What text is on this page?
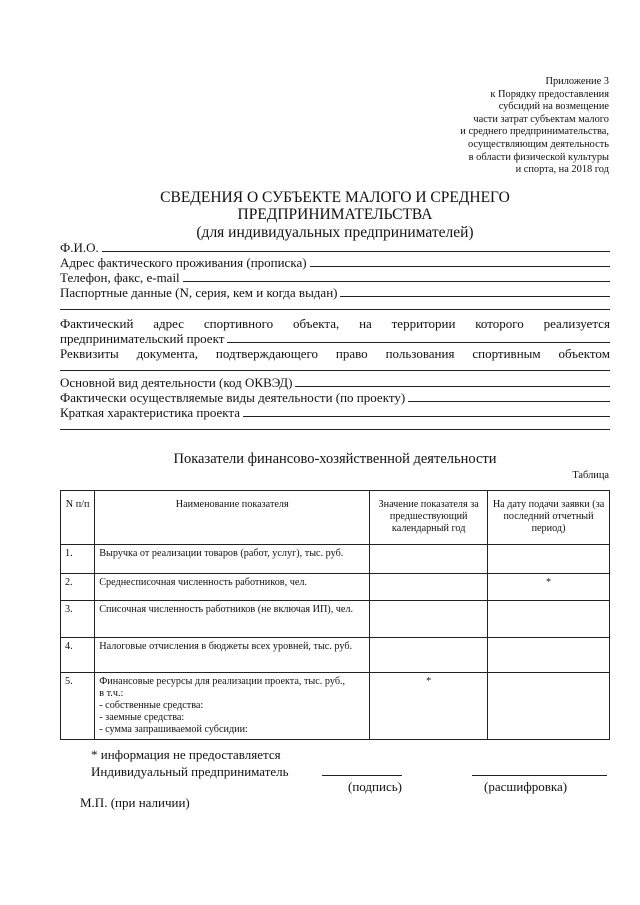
Приложение 3
к Порядку предоставления
субсидий на возмещение
части затрат субъектам малого
и среднего предпринимательства,
осуществляющим деятельность
в области физической культуры
и спорта, на 2018 год
СВЕДЕНИЯ О СУБЪЕКТЕ МАЛОГО И СРЕДНЕГО
ПРЕДПРИНИМАТЕЛЬСТВА
(для индивидуальных предпринимателей)
Ф.И.О.
Адрес фактического проживания (прописка)
Телефон, факс, e-mail
Паспортные данные (N, серия, кем и когда выдан)
Фактический адрес спортивного объекта, на территории которого реализуется
предпринимательский проект
Реквизиты документа, подтверждающего право пользования спортивным объектом
Основной вид деятельности (код ОКВЭД)
Фактически осуществляемые виды деятельности (по проекту)
Краткая характеристика проекта
Показатели финансово-хозяйственной деятельности
Таблица
N п/п	Наименование показателя	Значение показателя за предшествующий календарный год	На дату подачи заявки (за последний отчетный период)
1.	Выручка от реализации товаров (работ, услуг), тыс. руб.		
2.	Среднесписочная численность работников, чел.		*
3.	Списочная численность работников (не включая ИП), чел.		
4.	Налоговые отчисления в бюджеты всех уровней, тыс. руб.		
5.	Финансовые ресурсы для реализации проекта, тыс. руб.,
в т.ч.:
- собственные средства:
- заемные средства:
- сумма запрашиваемой субсидии:	*	
* информация не предоставляется
Индивидуальный предприниматель
(подпись)	(расшифровка)
М.П. (при наличии)
